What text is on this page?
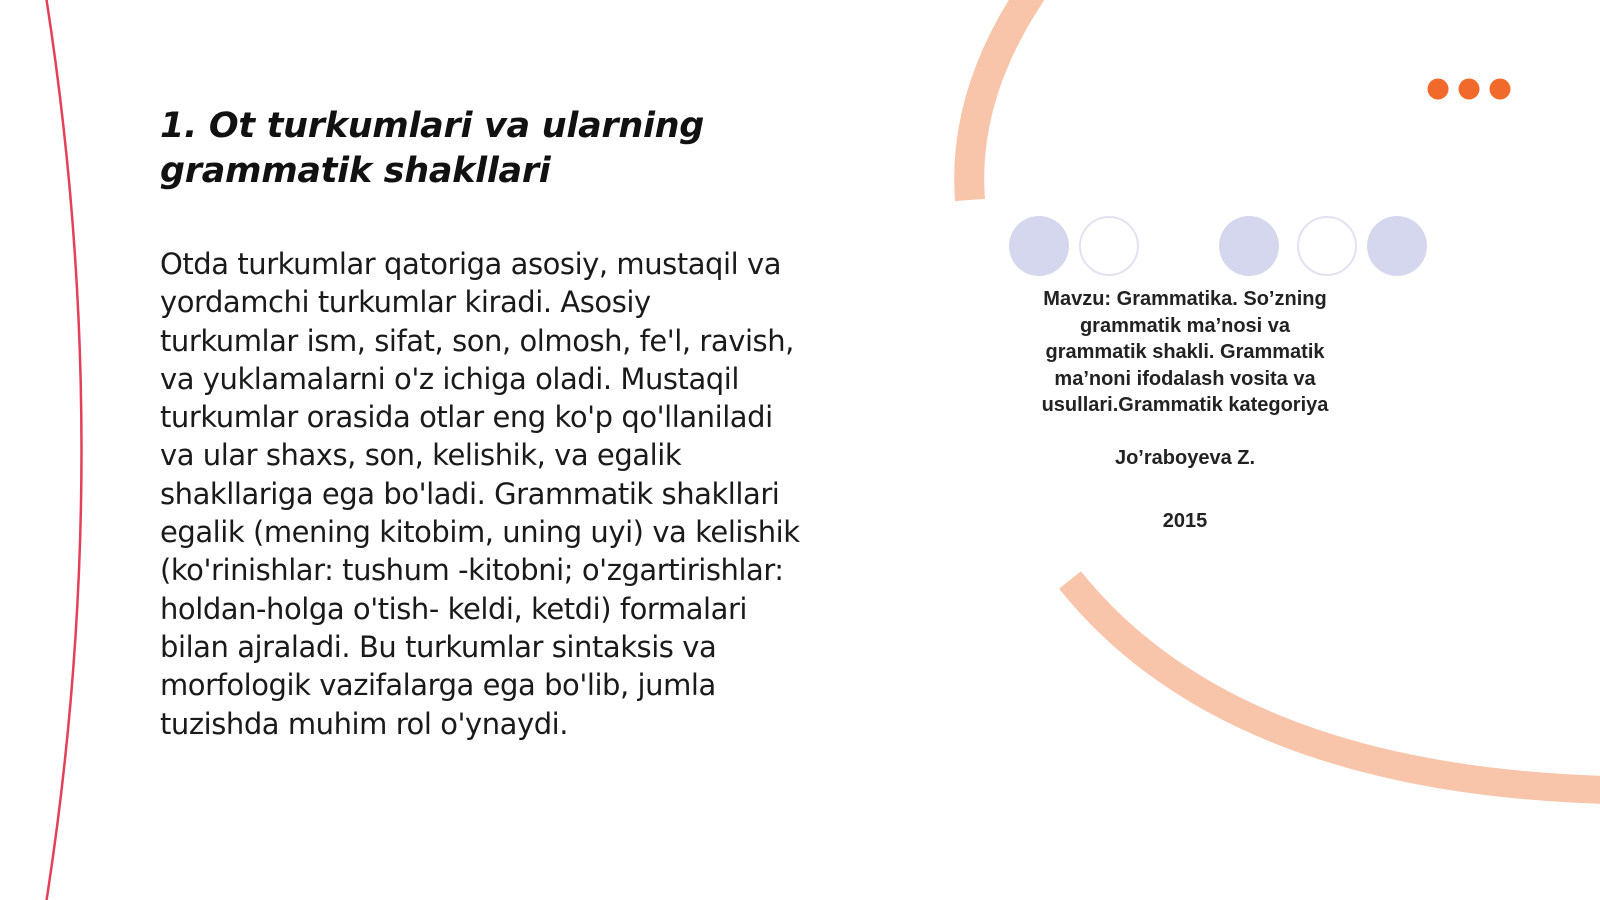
1. Ot turkumlari va ularning
grammatik shakllari
Otda turkumlar qatoriga asosiy, mustaqil va
yordamchi turkumlar kiradi. Asosiy
turkumlar ism, sifat, son, olmosh, fe'l, ravish,
va yuklamalarni o'z ichiga oladi. Mustaqil
turkumlar orasida otlar eng ko'p qo'llaniladi
va ular shaxs, son, kelishik, va egalik
shakllariga ega bo'ladi. Grammatik shakllari
egalik (mening kitobim, uning uyi) va kelishik
(ko'rinishlar: tushum -kitobni; o'zgartirishlar:
holdan-holga o'tish- keldi, ketdi) formalari
bilan ajraladi. Bu turkumlar sintaksis va
morfologik vazifalarga ega bo'lib, jumla
tuzishda muhim rol o'ynaydi.

Mavzu: Grammatika. So’zning
grammatik ma’nosi va
grammatik shakli. Grammatik
ma’noni ifodalash vosita va
usullari.Grammatik kategoriya

Jo’raboyeva Z.

2015
